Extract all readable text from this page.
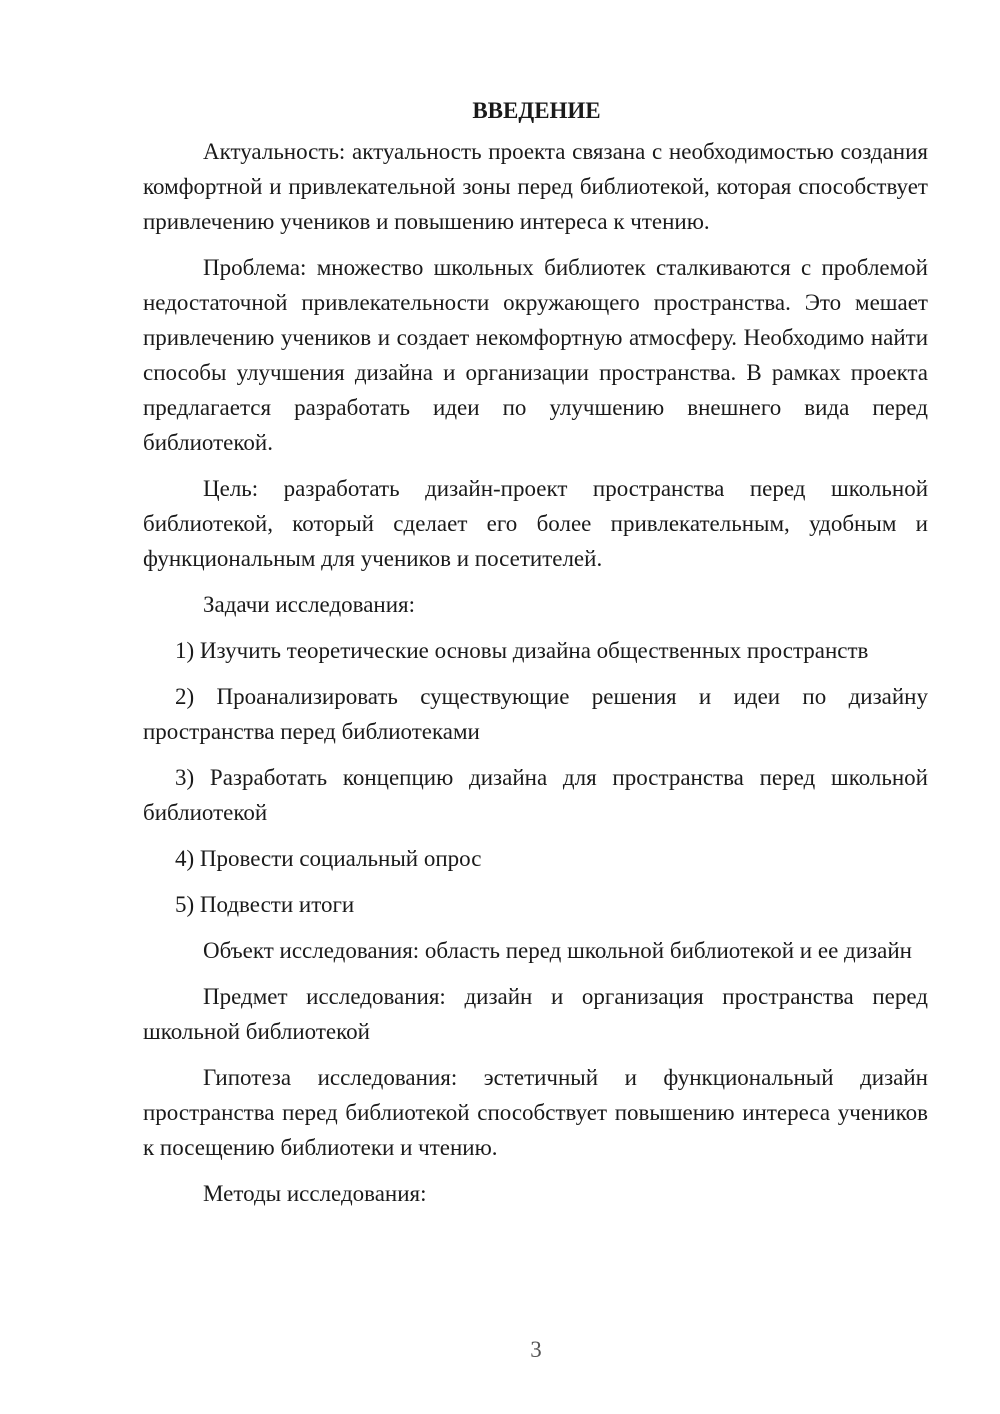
ВВЕДЕНИЕ

Актуальность: актуальность проекта связана с необходимостью создания комфортной и привлекательной зоны перед библиотекой, которая способствует привлечению учеников и повышению интереса к чтению.

Проблема: множество школьных библиотек сталкиваются с проблемой недостаточной привлекательности окружающего пространства. Это мешает привлечению учеников и создает некомфортную атмосферу. Необходимо найти способы улучшения дизайна и организации пространства. В рамках проекта предлагается разработать идеи по улучшению внешнего вида перед библиотекой.

Цель: разработать дизайн-проект пространства перед школьной библиотекой, который сделает его более привлекательным, удобным и функциональным для учеников и посетителей.

Задачи исследования:

1) Изучить теоретические основы дизайна общественных пространств

2) Проанализировать существующие решения и идеи по дизайну пространства перед библиотеками

3) Разработать концепцию дизайна для пространства перед школьной библиотекой

4) Провести социальный опрос

5) Подвести итоги

Объект исследования: область перед школьной библиотекой и ее дизайн

Предмет исследования: дизайн и организация пространства перед школьной библиотекой

Гипотеза исследования: эстетичный и функциональный дизайн пространства перед библиотекой способствует повышению интереса учеников к посещению библиотеки и чтению.

Методы исследования:

3
